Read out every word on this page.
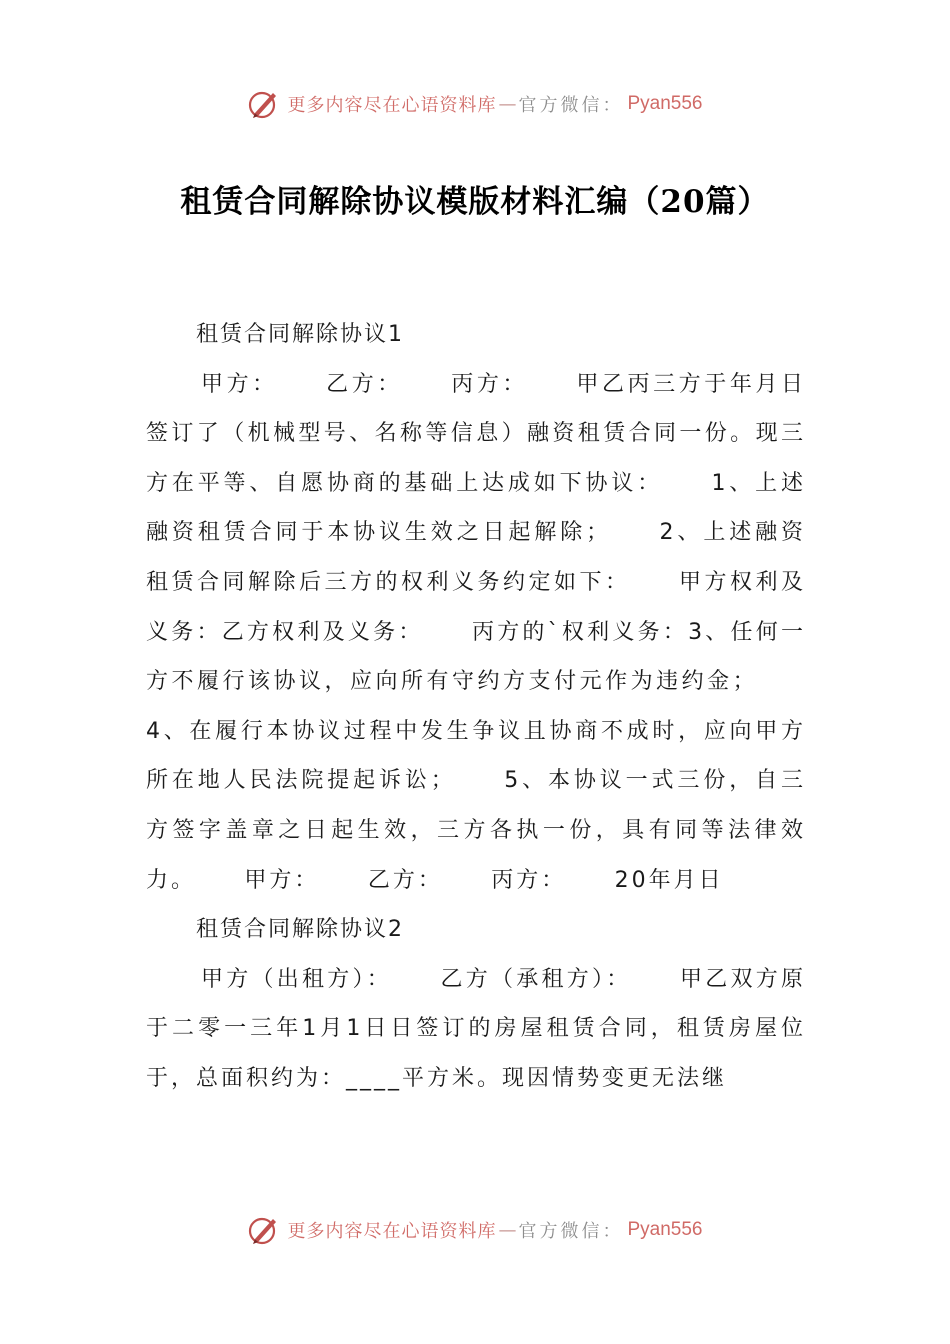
更多内容尽在心语资料库 — 官方微信： Pyan556
租赁合同解除协议模版材料汇编（20篇）

租赁合同解除协议1

甲方： 乙方： 丙方： 甲乙丙三方于年月日签订了（机械型号、名称等信息）融资租赁合同一份。现三方在平等、自愿协商的基础上达成如下协议： 1、上述融资租赁合同于本协议生效之日起解除； 2、上述融资租赁合同解除后三方的权利义务约定如下： 甲方权利及义务：乙方权利及义务： 丙方的`权利义务：3、任何一方不履行该协议，应向所有守约方支付元作为违约金；4、在履行本协议过程中发生争议且协商不成时，应向甲方所在地人民法院提起诉讼； 5、本协议一式三份，自三方签字盖章之日起生效，三方各执一份，具有同等法律效力。 甲方： 乙方： 丙方： 20年月日

租赁合同解除协议2

甲方（出租方）： 乙方（承租方）： 甲乙双方原于二零一三年1月1日日签订的房屋租赁合同，租赁房屋位于，总面积约为：____平方米。现因情势变更无法继

更多内容尽在心语资料库 — 官方微信： Pyan556
